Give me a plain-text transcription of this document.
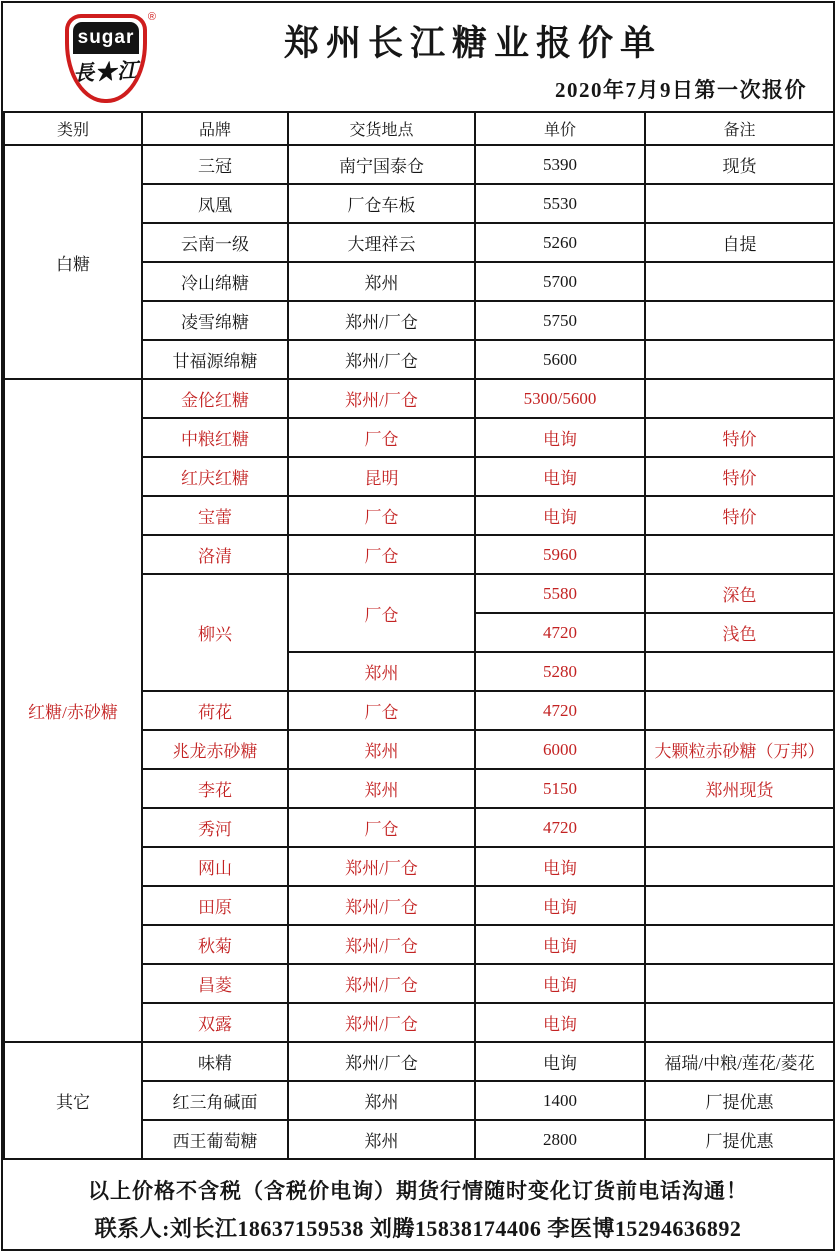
sugar
長★江
®
郑州长江糖业报价单
2020年7月9日第一次报价
类别	品牌	交货地点	单价	备注
白糖	三冠	南宁国泰仓	5390	现货
	凤凰	厂仓车板	5530	
	云南一级	大理祥云	5260	自提
	冷山绵糖	郑州	5700	
	凌雪绵糖	郑州/厂仓	5750	
	甘福源绵糖	郑州/厂仓	5600	
红糖/赤砂糖	金伦红糖	郑州/厂仓	5300/5600	
	中粮红糖	厂仓	电询	特价
	红庆红糖	昆明	电询	特价
	宝蕾	厂仓	电询	特价
	洛清	厂仓	5960	
	柳兴	厂仓	5580	深色
			4720	浅色
		郑州	5280	
	荷花	厂仓	4720	
	兆龙赤砂糖	郑州	6000	大颗粒赤砂糖（万邦）
	李花	郑州	5150	郑州现货
	秀河	厂仓	4720	
	网山	郑州/厂仓	电询	
	田原	郑州/厂仓	电询	
	秋菊	郑州/厂仓	电询	
	昌菱	郑州/厂仓	电询	
	双露	郑州/厂仓	电询	
其它	味精	郑州/厂仓	电询	福瑞/中粮/莲花/菱花
	红三角碱面	郑州	1400	厂提优惠
	西王葡萄糖	郑州	2800	厂提优惠

以上价格不含税（含税价电询）期货行情随时变化订货前电话沟通！

联系人:刘长江18637159538 刘腾15838174406 李医博15294636892
